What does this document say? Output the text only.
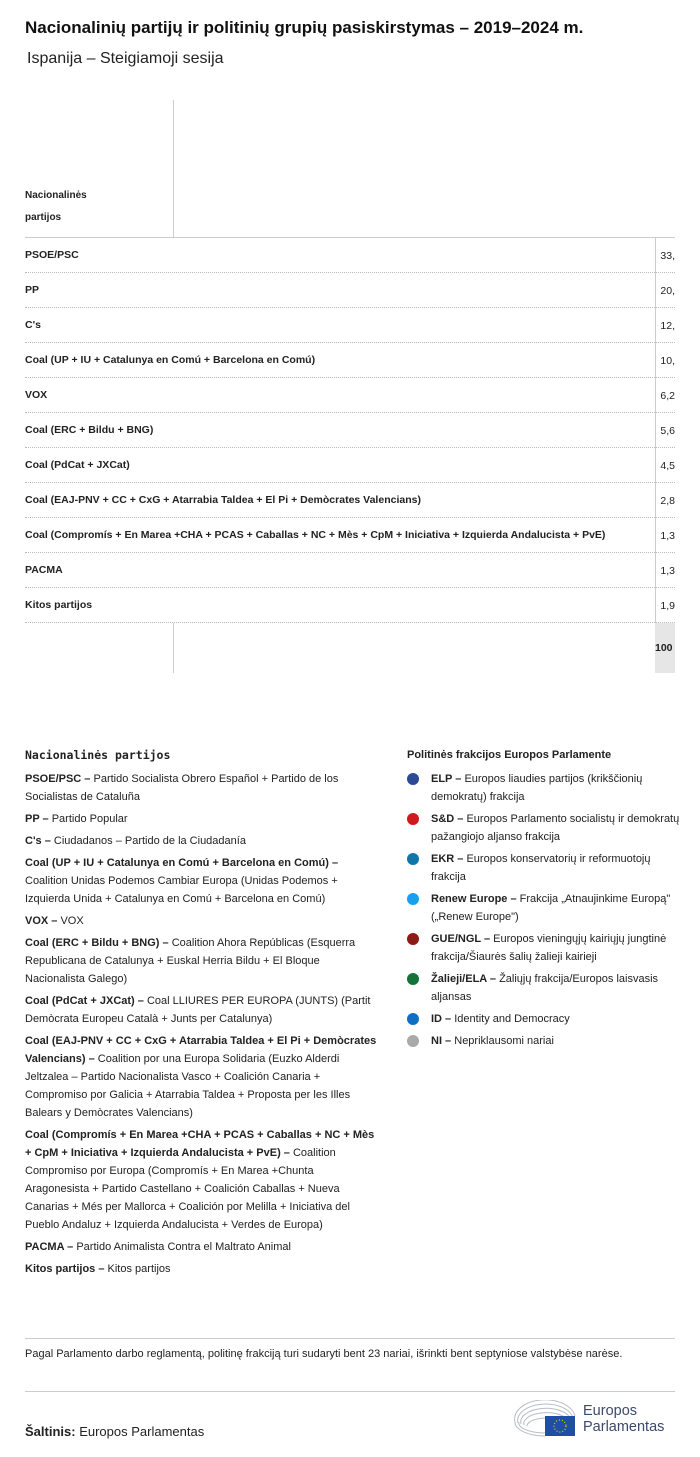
Nacionalinių partijų ir politinių grupių pasiskirstymas – 2019–2024 m.
Ispanija – Steigiamoji sesija
Nacionalinės partijos
PSOE/PSC	33,
PP	20,
C's	12,
Coal (UP + IU + Catalunya en Comú + Barcelona en Comú)	10,
VOX	6,2
Coal (ERC + Bildu + BNG)	5,6
Coal (PdCat + JXCat)	4,5
Coal (EAJ-PNV + CC + CxG + Atarrabia Taldea + El Pi + Demòcrates Valencians)	2,8
Coal (Compromís + En Marea +CHA + PCAS + Caballas + NC + Mès + CpM + Iniciativa + Izquierda Andalucista + PvE)	1,3
PACMA	1,3
Kitos partijos	1,9
100
Nacionalinės partijos

PSOE/PSC – Partido Socialista Obrero Español + Partido de los Socialistas de Cataluña

PP – Partido Popular

C's – Ciudadanos – Partido de la Ciudadanía

Coal (UP + IU + Catalunya en Comú + Barcelona en Comú) – Coalition Unidas Podemos Cambiar Europa (Unidas Podemos + Izquierda Unida + Catalunya en Comú + Barcelona en Comú)

VOX – VOX

Coal (ERC + Bildu + BNG) – Coalition Ahora Repúblicas (Esquerra Republicana de Catalunya + Euskal Herria Bildu + El Bloque Nacionalista Galego)

Coal (PdCat + JXCat) – Coal LLIURES PER EUROPA (JUNTS) (Partit Demòcrata Europeu Català + Junts per Catalunya)

Coal (EAJ-PNV + CC + CxG + Atarrabia Taldea + El Pi + Demòcrates Valencians) – Coalition por una Europa Solidaria (Euzko Alderdi Jeltzalea – Partido Nacionalista Vasco + Coalición Canaria + Compromiso por Galicia + Atarrabia Taldea + Proposta per les Illes Balears y Demòcrates Valencians)

Coal (Compromís + En Marea +CHA + PCAS + Caballas + NC + Mès + CpM + Iniciativa + Izquierda Andalucista + PvE) – Coalition Compromiso por Europa (Compromís + En Marea +Chunta Aragonesista + Partido Castellano + Coalición Caballas + Nueva Canarias + Més per Mallorca + Coalición por Melilla + Iniciativa del Pueblo Andaluz + Izquierda Andalucista + Verdes de Europa)

PACMA – Partido Animalista Contra el Maltrato Animal

Kitos partijos – Kitos partijos

Politinės frakcijos Europos Parlamente
ELP – Europos liaudies partijos (krikščionių demokratų) frakcija
S&D – Europos Parlamento socialistų ir demokratų pažangiojo aljanso frakcija
EKR – Europos konservatorių ir reformuotojų frakcija
Renew Europe – Frakcija „Atnaujinkime Europą" („Renew Europe")
GUE/NGL – Europos vieningųjų kairiųjų jungtinė frakcija/Šiaurės šalių žalieji kairieji
Žalieji/ELA – Žaliųjų frakcija/Europos laisvasis aljansas
ID – Identity and Democracy
NI – Nepriklausomi nariai
Pagal Parlamento darbo reglamentą, politinę frakciją turi sudaryti bent 23 nariai, išrinkti bent septyniose valstybėse narėse.
Šaltinis: Europos Parlamentas
Europos
Parlamentas
